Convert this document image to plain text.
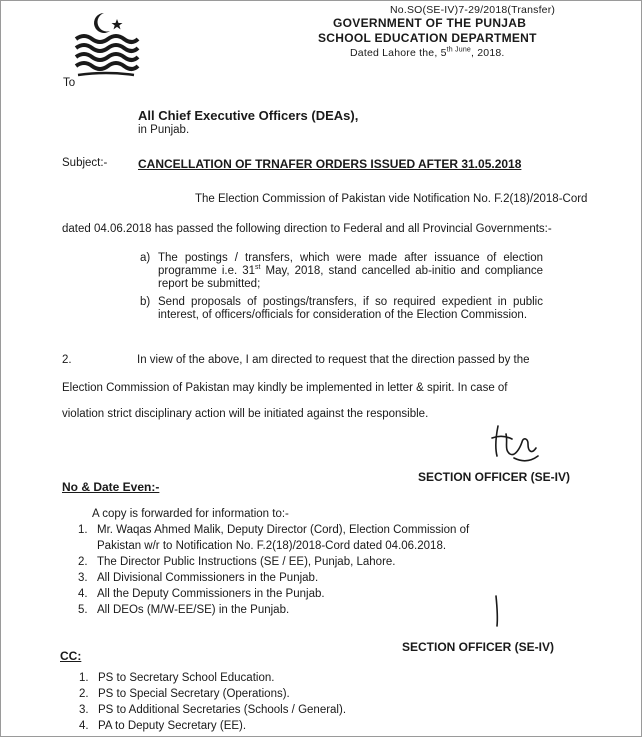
No.SO(SE-IV)7-29/2018(Transfer)
GOVERNMENT OF THE PUNJAB
SCHOOL EDUCATION DEPARTMENT
Dated Lahore the, $5^{th June}$, 2018.
To
All Chief Executive Officers (DEAs),
in Punjab.
Subject:-	CANCELLATION OF TRNAFER ORDERS ISSUED AFTER 31.05.2018
The Election Commission of Pakistan vide Notification No. F.2(18)/2018-Cord
dated 04.06.2018 has passed the following direction to Federal and all Provincial Governments:-
a) The postings / transfers, which were made after issuance of election programme i.e. 31st May, 2018, stand cancelled ab-initio and compliance report be submitted;
b) Send proposals of postings/transfers, if so required expedient in public interest, of officers/officials for consideration of the Election Commission.
2.	In view of the above, I am directed to request that the direction passed by the
Election Commission of Pakistan may kindly be implemented in letter & spirit. In case of
violation strict disciplinary action will be initiated against the responsible.
SECTION OFFICER (SE-IV)
No & Date Even:-
A copy is forwarded for information to:-
1. Mr. Waqas Ahmed Malik, Deputy Director (Cord), Election Commission of
Pakistan w/r to Notification No. F.2(18)/2018-Cord dated 04.06.2018.
2. The Director Public Instructions (SE / EE), Punjab, Lahore.
3. All Divisional Commissioners in the Punjab.
4. All the Deputy Commissioners in the Punjab.
5. All DEOs (M/W-EE/SE) in the Punjab.
SECTION OFFICER (SE-IV)
CC:
1. PS to Secretary School Education.
2. PS to Special Secretary (Operations).
3. PS to Additional Secretaries (Schools / General).
4. PA to Deputy Secretary (EE).
